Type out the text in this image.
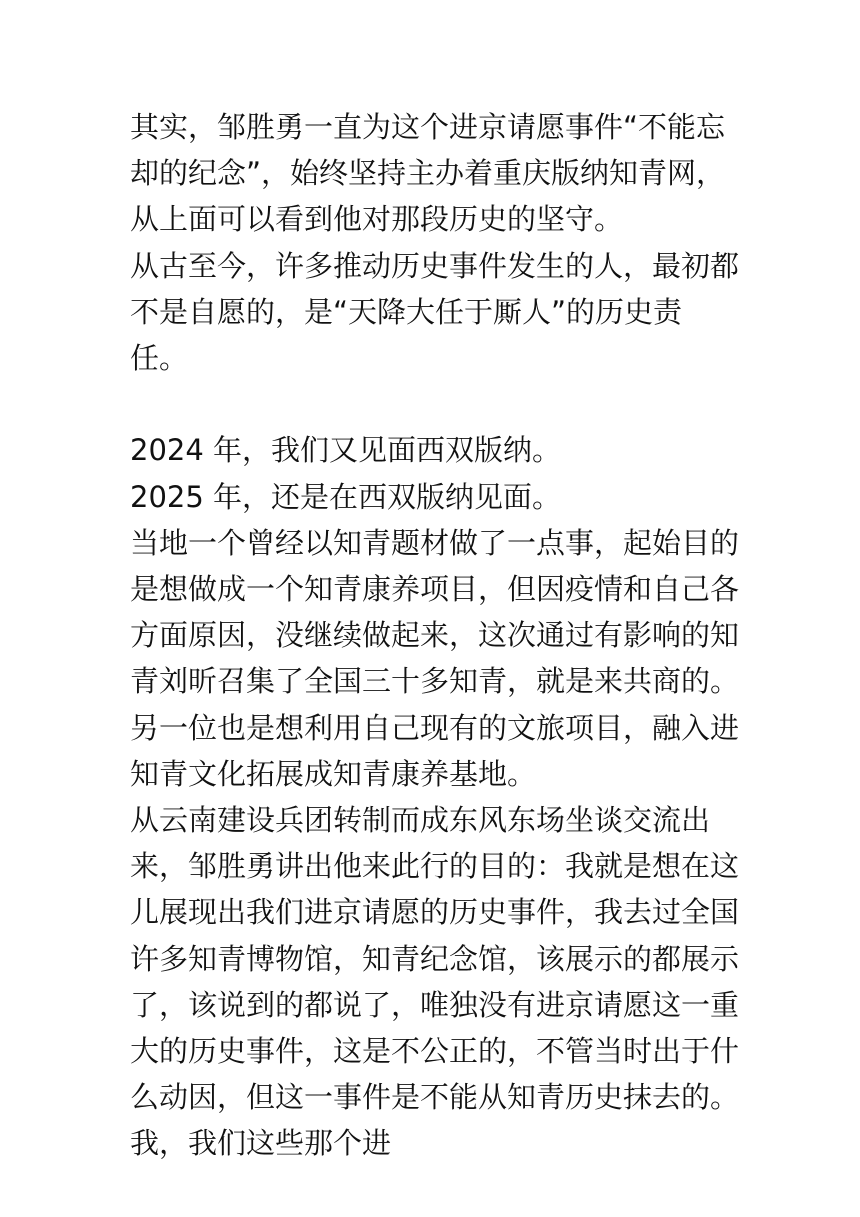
其实，邹胜勇一直为这个进京请愿事件“不能忘却的纪念”，始终坚持主办着重庆版纳知青网，从上面可以看到他对那段历史的坚守。

从古至今，许多推动历史事件发生的人，最初都不是自愿的，是“天降大任于厮人”的历史责任。

2024 年，我们又见面西双版纳。

2025 年，还是在西双版纳见面。

当地一个曾经以知青题材做了一点事，起始目的是想做成一个知青康养项目，但因疫情和自己各方面原因，没继续做起来，这次通过有影响的知青刘昕召集了全国三十多知青，就是来共商的。

另一位也是想利用自己现有的文旅项目，融入进知青文化拓展成知青康养基地。

从云南建设兵团转制而成东风东场坐谈交流出来，邹胜勇讲出他来此行的目的：我就是想在这儿展现出我们进京请愿的历史事件，我去过全国许多知青博物馆，知青纪念馆，该展示的都展示了，该说到的都说了，唯独没有进京请愿这一重大的历史事件，这是不公正的，不管当时出于什么动因，但这一事件是不能从知青历史抹去的。我，我们这些那个进
